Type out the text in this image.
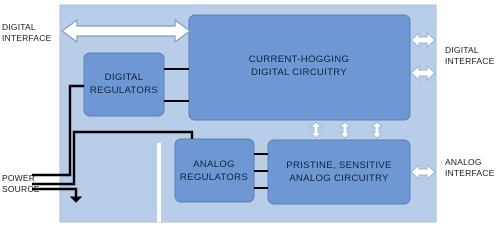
DIGITAL
REGULATORS
CURRENT-HOGGING
DIGITAL CIRCUITRY
ANALOG
REGULATORS
PRISTINE, SENSITIVE
ANALOG CIRCUITRY
DIGITAL
INTERFACE
POWER
SOURCE
DIGITAL
INTERFACE
ANALOG
INTERFACE
